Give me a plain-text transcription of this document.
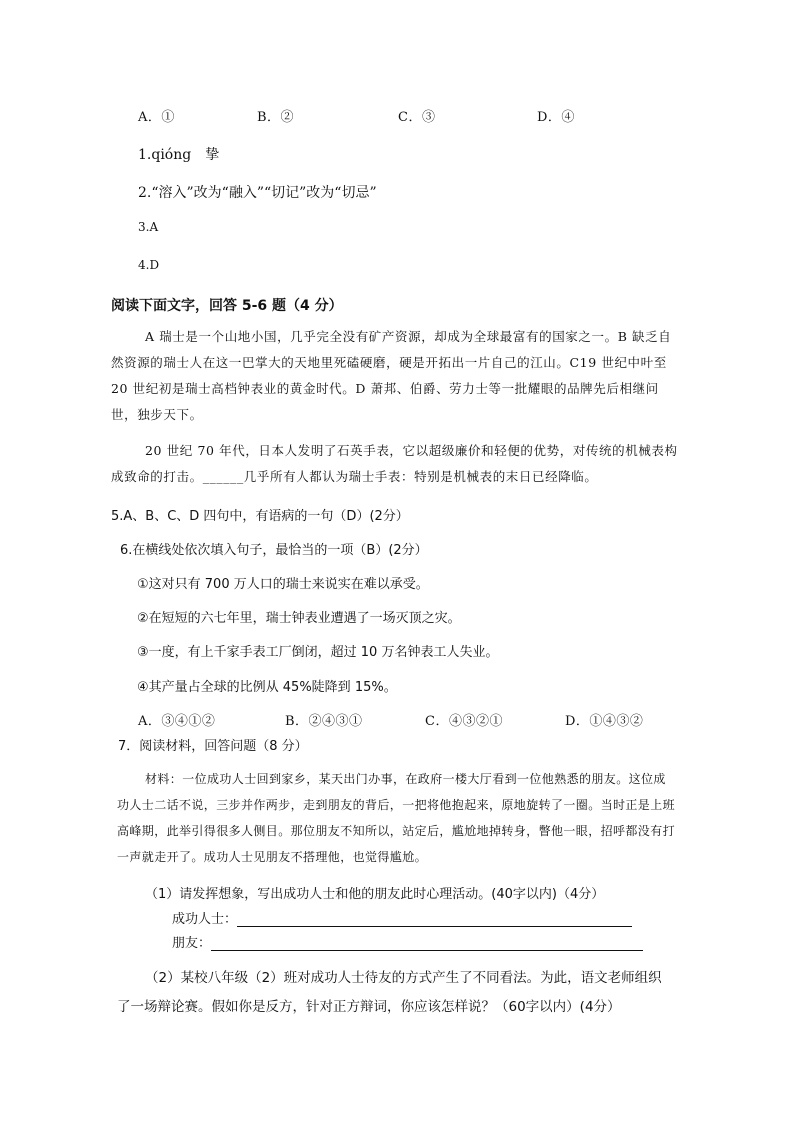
A．①	B．②	C．③	D．④
1.qióng　挚
2.“溶入”改为“融入”“切记”改为“切忌”
3.A
4.D
阅读下面文字，回答 5-6 题（4 分）
A 瑞士是一个山地小国，几乎完全没有矿产资源，却成为全球最富有的国家之一。B 缺乏自然资源的瑞士人在这一巴掌大的天地里死磕硬磨，硬是开拓出一片自己的江山。C19 世纪中叶至 20 世纪初是瑞士高档钟表业的黄金时代。D 萧邦、伯爵、劳力士等一批耀眼的品牌先后相继问世，独步天下。
20 世纪 70 年代，日本人发明了石英手表，它以超级廉价和轻便的优势，对传统的机械表构成致命的打击。______几乎所有人都认为瑞士手表：特别是机械表的末日已经降临。
5.A、B、C、D 四句中，有语病的一句（D）(2分）
6.在横线处依次填入句子，最恰当的一项（B）(2分）
①这对只有 700 万人口的瑞士来说实在难以承受。
②在短短的六七年里，瑞士钟表业遭遇了一场灭顶之灾。
③一度，有上千家手表工厂倒闭，超过 10 万名钟表工人失业。
④其产量占全球的比例从 45%陡降到 15%。
A．③④①②	B．②④③①	C．④③②①	D．①④③②
7．阅读材料，回答问题（8 分）
材料：一位成功人士回到家乡，某天出门办事，在政府一楼大厅看到一位他熟悉的朋友。这位成功人士二话不说，三步并作两步，走到朋友的背后，一把将他抱起来，原地旋转了一圈。当时正是上班高峰期，此举引得很多人侧目。那位朋友不知所以，站定后，尴尬地掉转身，瞥他一眼，招呼都没有打一声就走开了。成功人士见朋友不搭理他，也觉得尴尬。
（1）请发挥想象，写出成功人士和他的朋友此时心理活动。(40字以内)（4分）
成功人士：
朋友：
（2）某校八年级（2）班对成功人士待友的方式产生了不同看法。为此，语文老师组织了一场辩论赛。假如你是反方，针对正方辩词，你应该怎样说？（60字以内）(4分）
